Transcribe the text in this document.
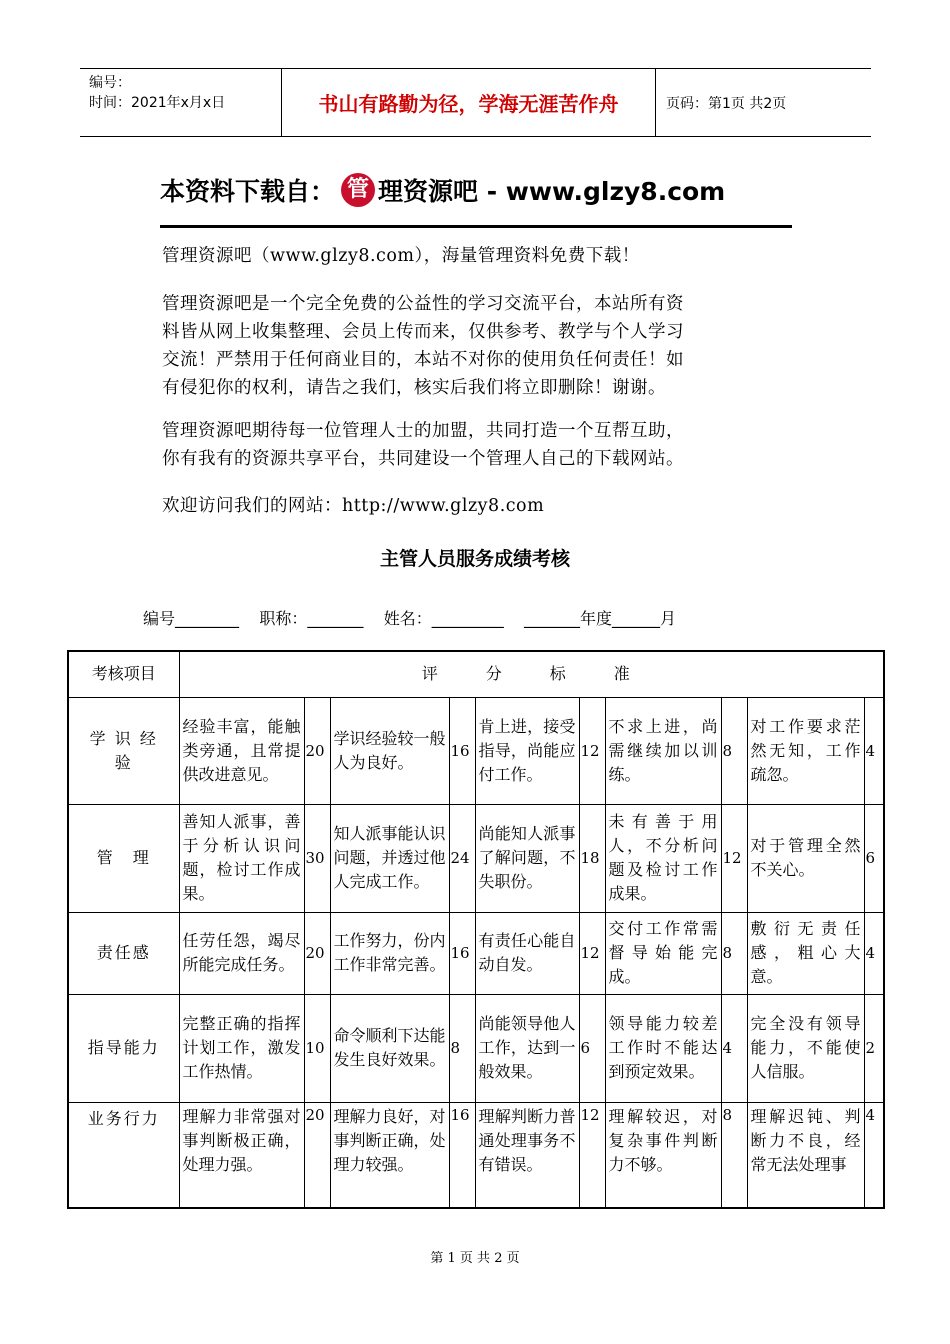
编号：
时间：2021年x月x日	书山有路勤为径，学海无涯苦作舟	页码：第1页 共2页
本资料下载自： 管 理资源吧 - www.glzy8.com
管理资源吧（www.glzy8.com），海量管理资料免费下载！
管理资源吧是一个完全免费的公益性的学习交流平台，本站所有资
料皆从网上收集整理、会员上传而来，仅供参考、教学与个人学习
交流！严禁用于任何商业目的，本站不对你的使用负任何责任！如
有侵犯你的权利，请告之我们，核实后我们将立即删除！谢谢。
管理资源吧期待每一位管理人士的加盟，共同打造一个互帮互助，
你有我有的资源共享平台，共同建设一个管理人自己的下载网站。
欢迎访问我们的网站：http://www.glzy8.com
主管人员服务成绩考核
编号________    职称：_______    姓名：_________    _______年度______月
考核项目	评分标准									
学 识 经 验	经验丰富，能触类旁通，且常提供改进意见。	20	学识经验较一般人为良好。	16	肯上进，接受指导，尚能应付工作。	12	不求上进，尚需继续加以训练。	8	对工作要求茫然无知，工作疏忽。	4
管　理	善知人派事，善于分析认识问题，检讨工作成果。	30	知人派事能认识问题，并透过他人完成工作。	24	尚能知人派事了解问题，不失职份。	18	未有善于用人，不分析问题及检讨工作成果。	12	对于管理全然不关心。	6
责任感	任劳任怨，竭尽所能完成任务。	20	工作努力，份内工作非常完善。	16	有责任心能自动自发。	12	交付工作常需督导始能完成。	8	敷衍无责任感，粗心大意。	4
指导能力	完整正确的指挥计划工作，激发工作热情。	10	命令顺利下达能发生良好效果。	8	尚能领导他人工作，达到一般效果。	6	领导能力较差工作时不能达到预定效果。	4	完全没有领导能力，不能使人信服。	2
业务行力	理解力非常强对事判断极正确，处理力强。	20	理解力良好，对事判断正确，处理力较强。	16	理解判断力普通处理事务不有错误。	12	理解较迟，对复杂事件判断力不够。	8	理解迟钝、判断力不良，经常无法处理事	4
第 1 页 共 2 页
